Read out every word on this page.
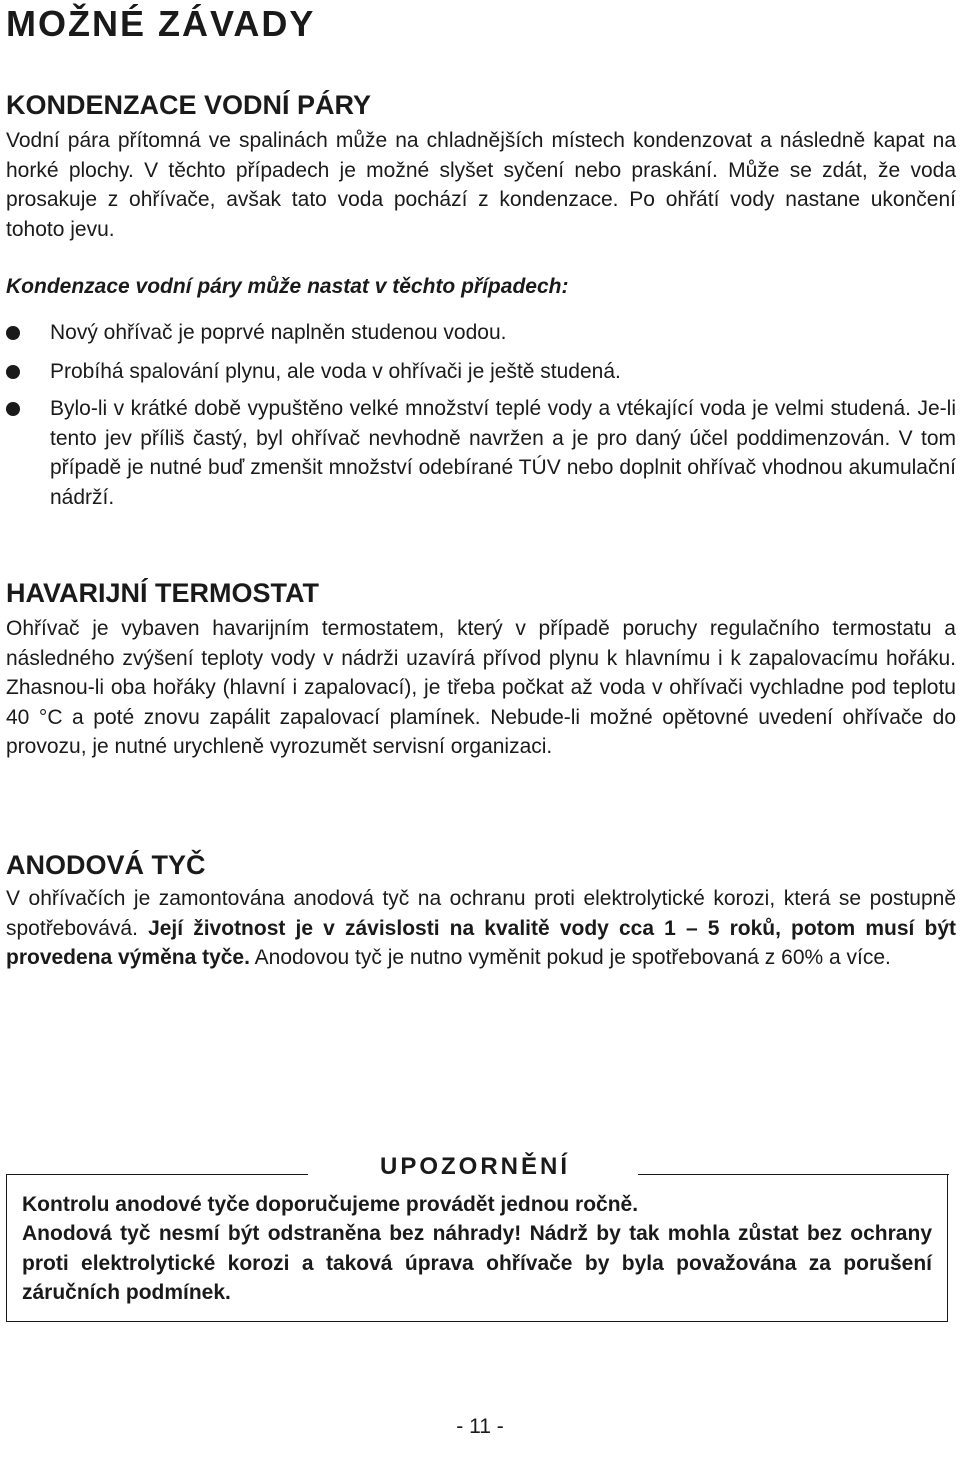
MOŽNÉ ZÁVADY
KONDENZACE VODNÍ PÁRY

Vodní pára přítomná ve spalinách může na chladnějších místech kondenzovat a následně kapat na horké plochy. V těchto případech je možné slyšet syčení nebo praskání. Může se zdát, že voda prosakuje z ohřívače, avšak tato voda pochází z kondenzace. Po ohřátí vody nastane ukončení tohoto jevu.

Kondenzace vodní páry může nastat v těchto případech:

Nový ohřívač je poprvé naplněn studenou vodou.

Probíhá spalování plynu, ale voda v ohřívači je ještě studená.

Bylo-li v krátké době vypuštěno velké množství teplé vody a vtékající voda je velmi studená. Je-li tento jev příliš častý, byl ohřívač nevhodně navržen a je pro daný účel poddimenzován. V tom případě je nutné buď zmenšit množství odebírané TÚV nebo doplnit ohřívač vhodnou akumulační nádrží.

HAVARIJNÍ TERMOSTAT

Ohřívač je vybaven havarijním termostatem, který v případě poruchy regulačního termostatu a následného zvýšení teploty vody v nádrži uzavírá přívod plynu k hlavnímu i k zapalovacímu hořáku. Zhasnou-li oba hořáky (hlavní i zapalovací), je třeba počkat až voda v ohřívači vychladne pod teplotu 40 °C a poté znovu zapálit zapalovací plamínek. Nebude-li možné opětovné uvedení ohřívače do provozu, je nutné urychleně vyrozumět servisní organizaci.

ANODOVÁ TYČ

V ohřívačích je zamontována anodová tyč na ochranu proti elektrolytické korozi, která se postupně spotřebovává. Její životnost je v závislosti na kvalitě vody cca 1 – 5 roků, potom musí být provedena výměna tyče. Anodovou tyč je nutno vyměnit pokud je spotřebovaná z 60% a více.

UPOZORNĚNÍ

Kontrolu anodové tyče doporučujeme provádět jednou ročně.

Anodová tyč nesmí být odstraněna bez náhrady! Nádrž by tak mohla zůstat bez ochrany proti elektrolytické korozi a taková úprava ohřívače by byla považována za porušení záručních podmínek.

- 11 -
